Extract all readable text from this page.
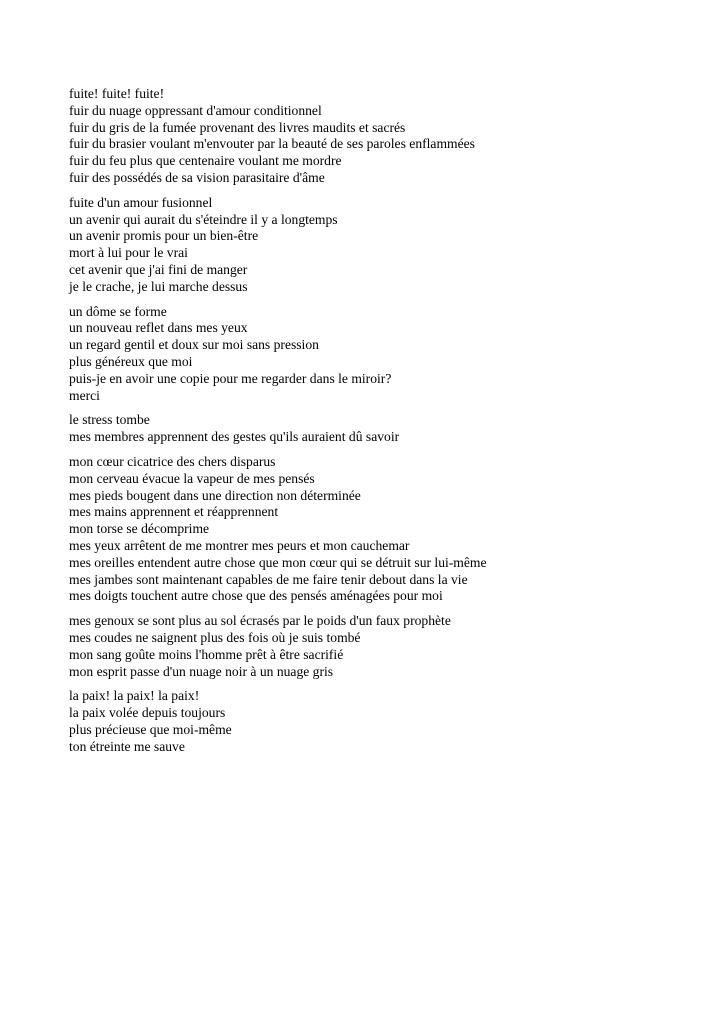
fuite! fuite! fuite!
fuir du nuage oppressant d'amour conditionnel
fuir du gris de la fumée provenant des livres maudits et sacrés
fuir du brasier voulant m'envouter par la beauté de ses paroles enflammées
fuir du feu plus que centenaire voulant me mordre
fuir des possédés de sa vision parasitaire d'âme
fuite d'un amour fusionnel
un avenir qui aurait du s'éteindre il y a longtemps
un avenir promis pour un bien-être
mort à lui pour le vrai
cet avenir que j'ai fini de manger
je le crache, je lui marche dessus
un dôme se forme
un nouveau reflet dans mes yeux
un regard gentil et doux sur moi sans pression
plus généreux que moi
puis-je en avoir une copie pour me regarder dans le miroir?
merci
le stress tombe
mes membres apprennent des gestes qu'ils auraient dû savoir
mon cœur cicatrice des chers disparus
mon cerveau évacue la vapeur de mes pensés
mes pieds bougent dans une direction non déterminée
mes mains apprennent et réapprennent
mon torse se décomprime
mes yeux arrêtent de me montrer mes peurs et mon cauchemar
mes oreilles entendent autre chose que mon cœur qui se détruit sur lui-même
mes jambes sont maintenant capables de me faire tenir debout dans la vie
mes doigts touchent autre chose que des pensés aménagées pour moi
mes genoux se sont plus au sol écrasés par le poids d'un faux prophète
mes coudes ne saignent plus des fois où je suis tombé
mon sang goûte moins l'homme prêt à être sacrifié
mon esprit passe d'un nuage noir à un nuage gris
la paix! la paix! la paix!
la paix volée depuis toujours
plus précieuse que moi-même
ton étreinte me sauve
